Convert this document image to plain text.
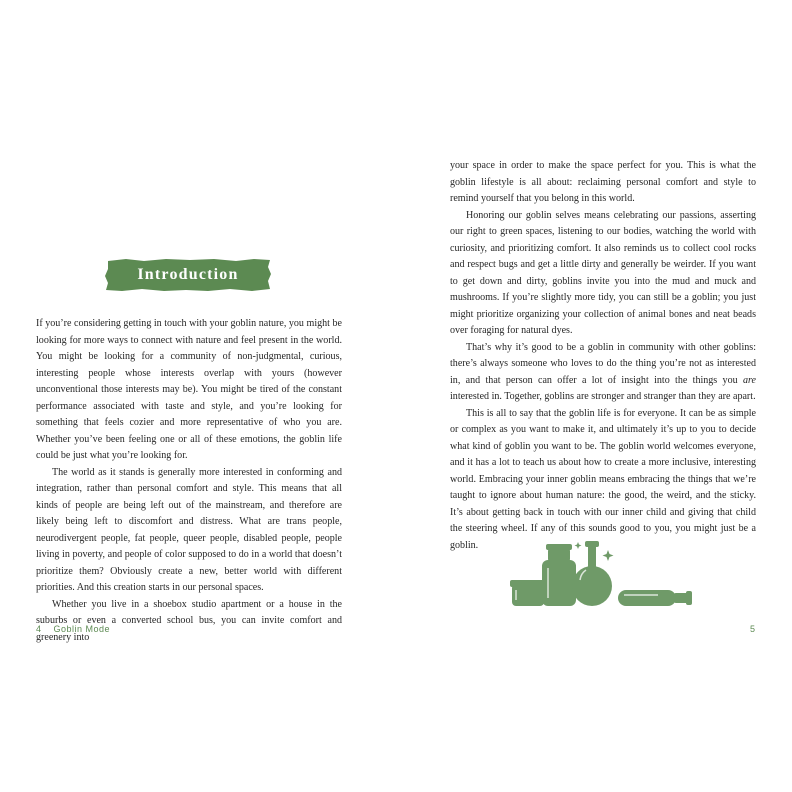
Introduction

If you’re considering getting in touch with your goblin nature, you might be looking for more ways to connect with nature and feel present in the world. You might be looking for a community of non-judgmental, curious, interesting people whose interests overlap with yours (however unconventional those interests may be). You might be tired of the constant performance associated with taste and style, and you’re looking for something that feels cozier and more representative of who you are. Whether you’ve been feeling one or all of these emotions, the goblin life could be just what you’re looking for.

The world as it stands is generally more interested in conforming and integration, rather than personal comfort and style. This means that all kinds of people are being left out of the mainstream, and therefore are likely being left to discomfort and distress. What are trans people, neurodivergent people, fat people, queer people, disabled people, people living in poverty, and people of color supposed to do in a world that doesn’t prioritize them? Obviously create a new, better world with different priorities. And this creation starts in our personal spaces.

Whether you live in a shoebox studio apartment or a house in the suburbs or even a converted school bus, you can invite comfort and greenery into

4 Goblin Mode

your space in order to make the space perfect for you. This is what the goblin lifestyle is all about: reclaiming personal comfort and style to remind yourself that you belong in this world.

Honoring our goblin selves means celebrating our passions, asserting our right to green spaces, listening to our bodies, watching the world with curiosity, and prioritizing comfort. It also reminds us to collect cool rocks and respect bugs and get a little dirty and generally be weirder. If you want to get down and dirty, goblins invite you into the mud and muck and mushrooms. If you’re slightly more tidy, you can still be a goblin; you just might prioritize organizing your collection of animal bones and neat beads over foraging for natural dyes.

That’s why it’s good to be a goblin in community with other goblins: there’s always someone who loves to do the thing you’re not as interested in, and that person can offer a lot of insight into the things you are interested in. Together, goblins are stronger and stranger than they are apart.

This is all to say that the goblin life is for everyone. It can be as simple or complex as you want to make it, and ultimately it’s up to you to decide what kind of goblin you want to be. The goblin world welcomes everyone, and it has a lot to teach us about how to create a more inclusive, interesting world. Embracing your inner goblin means embracing the things that we’re taught to ignore about human nature: the good, the weird, and the sticky. It’s about getting back in touch with our inner child and giving that child the steering wheel. If any of this sounds good to you, you might just be a goblin.

5
